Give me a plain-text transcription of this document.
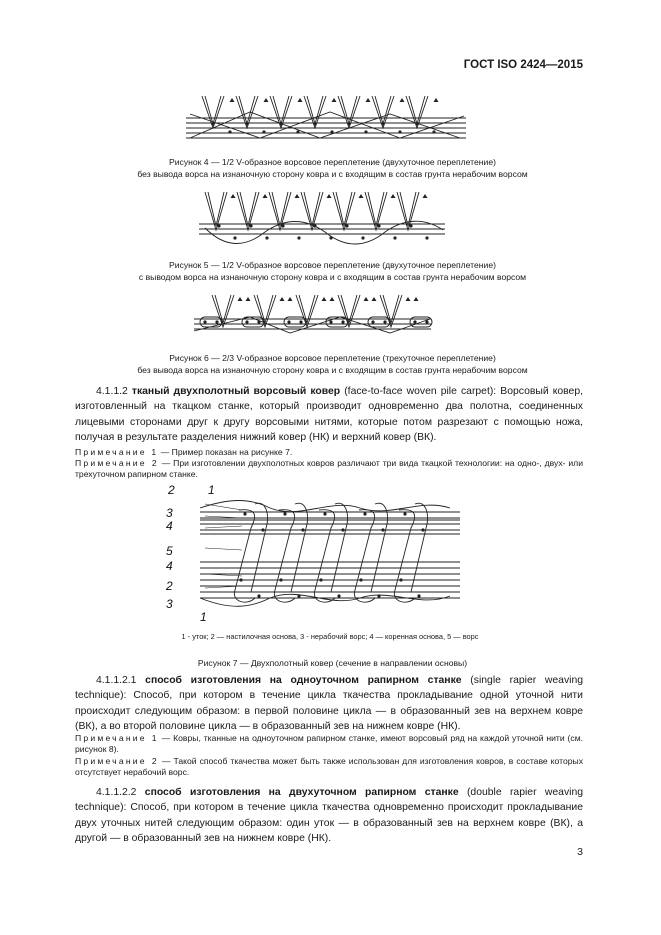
ГОСТ ISO 2424—2015
Рисунок 4 — 1/2 V-образное ворсовое переплетение (двухуточное переплетение)
без вывода ворса на изнаночную сторону ковра и с входящим в состав грунта нерабочим ворсом
Рисунок 5 — 1/2 V-образное ворсовое переплетение (двухуточное переплетение)
с выводом ворса на изнаночную сторону ковра и с входящим в состав грунта нерабочим ворсом
Рисунок 6 — 2/3 V-образное ворсовое переплетение (трехуточное переплетение)
без вывода ворса на изнаночную сторону ковра и с входящим в состав грунта нерабочим ворсом
4.1.1.2 тканый двухполотный ворсовый ковер (face-to-face woven pile carpet): Ворсовый ковер, изготовленный на ткацком станке, который производит одновременно два полотна, соединенных лицевыми сторонами друг к другу ворсовыми нитями, которые потом разрезают с помощью ножа, получая в результате разделения нижний ковер (НК) и верхний ковер (ВК).
Примечание 1 — Пример показан на рисунке 7.
Примечание 2 — При изготовлении двухполотных ковров различают три вида ткацкой технологии: на одно-, двух- или трехуточном рапирном станке.
2	1
3
4
5
4
2
3
1
1 - уток; 2 — настилочная основа, 3 - нерабочий ворс; 4 — коренная основа, 5 — ворс
Рисунок 7 — Двухполотный ковер (сечение в направлении основы)
4.1.1.2.1 способ изготовления на одноуточном рапирном станке (single rapier weaving technique): Способ, при котором в течение цикла ткачества прокладывание одной уточной нити происходит следующим образом: в первой половине цикла — в образованный зев на верхнем ковре (ВК), а во второй половине цикла — в образованный зев на нижнем ковре (НК).
Примечание 1 — Ковры, тканные на одноуточном рапирном станке, имеют ворсовый ряд на каждой уточной нити (см. рисунок 8).
Примечание 2 — Такой способ ткачества может быть также использован для изготовления ковров, в составе которых отсутствует нерабочий ворс.
4.1.1.2.2 способ изготовления на двухуточном рапирном станке (double rapier weaving technique): Способ, при котором в течение цикла ткачества одновременно происходит прокладывание двух уточных нитей следующим образом: один уток — в образованный зев на верхнем ковре (ВК), а другой — в образованный зев на нижнем ковре (НК).
3
